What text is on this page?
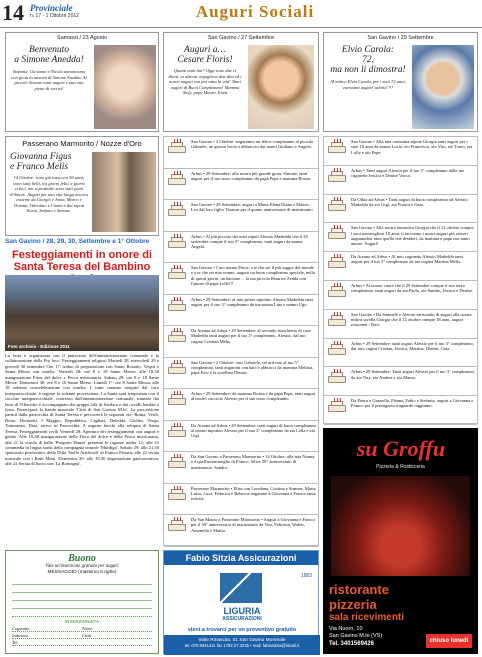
14 Provinciale
n. 17 - 1 Ottobre 2012	Auguri Sociali
Samassi / 23 Agosto
Benvenuto
a Simone Anedda!
Stefania, Giovanni e Nicola annunciano con gioia la nascita di Simone Anedda. Al piccolo Simone tanti auguri e una vita piena di sorrisi!
San Gavino / 27 Settembre
Auguri a…
Cesare Floris!
Quanti anni hai? Oggi sono due ci direti, tu alzerai orgoglioso due dita ed i nostri auguri son per tutta la vita! Tanti auguri di Buon Compleanno! Mamma Stefy, papy Mauro, Enea
San Gavino / 29 Settembre
Elvio Carola:
72,
ma non li dimostra!
Al mitico Elvio Carola, per i suoi 72 anni, carissimi auguri 'atletici'!!!
Passerano Marmorito / Nozze d'Oro
Giovanna Figus
e Franco Melis
14 Ottobre: sono già trascorsi 50 anni; sono stati belli, tra giorni felici e giorni critici, ma soprattutto sono stati pieni d'Amore. Auguri per una vita lunga ancora insieme da Giorgio e Anna, Marco e Viviana, Valentino e Cinzia e dai nipoti Ilaria, Stefano e Simone.
San Gavino / 28, 29, 30, Settembre e 1° Ottobre
Festeggiamenti in onore di Santa Teresa del Bambino
Foto archivio - Edizione 2011
La festa è organizzata con il patrocinio dell'amministrazione comunale e la collaborazione della Pro loco. Festeggiamenti religiosi Martedì 28, mercoledì 29 e giovedì 30 settembre Ore 17: triduo di preparazione con Santo Rosario, Vespri e Santa Messa con omelia. Venerdì 28: ore 8 e 18 Sante Messe; alle 18,30 inaugurazione Fiera del dolce e Pesca missionaria. Sabato 29: ore 8 e 18 Sante Messe. Domenica 30: ore 8 e 10 Sante Messe. Lunedì 1°: ore 8 Santa Messa, alle 18 solenne concelebrazione con omelia. I canti saranno eseguiti dal coro interparrocchiale, a seguire la solenne processione. La Santa sarà trasportata con il cocchio interparrocchiale, concesso dall'amministrazione comunale, trainato dai buoi di Villacidro e accompagnato dai gruppi folk di Sardara e dai cavalli bardati a festa. Parteciperà la banda musicale 'Città di San Gavino M.le'. La processione partirà dalla parrocchia di Santa Teresa e percorrerà le seguenti vie: Roma, Verdi, Boito, Donizetti, I Maggio, Repubblica, Cagliari, Deledda, Giolitti, Verga, Tommaseo, Diaz, arrivo in Parrocchia. A seguire fuochi alla reliquia di Santa Teresa. Festeggiamenti civili Venerdì 28: Apertura dei festeggiamenti con auguri e gelato. Alle 18,30 inaugurazione della Fiera del dolce e della Pesca missionaria, alle 21 la scuola di ballo 'Progetto Danza' presenta le ragazze under 12; alle 22 commedia in lingua sarda della compagnia teatrale 'Murdiga'. Sabato 29: alle 21,30 spettacolo pirotecnico della Ditta 'Stelle Artificiali' di Franco Pirastu; alle 22 serata musicale con i Ratti Metti. Domenica 30: alle 19,30 degustazione gastronomica; alle 22 Serata di liscio con 'La Romagna'.
Buono
Vale un'inserzione gratuita per auguri
MESSAGGIO (massimo 5 righe)
INSERZIONISTA
Cognome	Nome
Indirizzo	Città
Tel.
San Gavino • 2 Ottobre: auguriamo un felice compleanno al piccolo Gabriele, un grosso bacio e abbraccio dai nonni Giuliano e Angela.
Arbus • 29 Settembre: alla nostra più grande gioia, Simone, tanti auguri per il suo terzo compleanno da papà Pepe e mamma Rosita.
San Gavino • 29 Settembre: auguri a Maria Elena Diana e Matteo Leo dal loro figlio Thomas per il quinto anniversario di matrimonio.
Arbus • Al più piccolo dei miei nipoti Alessio Madeddu che il 29 settembre compie il suo 3° compleanno, tanti auguri da nonna Angela.
San Gavino • Caro nonno Pesce, a te che sei il più saggio del mondo e a te che sei mio nonno, auguro un buon compleanno speciale, nella di questi giorni, un bacione… la tua piccola Beatrice Zedda con l'amore di papà Lelle!!!
Arbus • 29 Settembre: al mio primo nipotino Alessio Madeddu tanti auguri per il suo 3° compleanno da tua nonna Lina e nonno Ugo.
Da Arzana ad Arbus • 29 Settembre: al secondo maschietto di casa Madeddu tanti auguri per il tuo 3° compleanno, Alessio, dal tuo cugino Cristian Melis.
San Gavino • 2 Ottobre: caro Gabriele, sei arrivato al tuo 5° compleanno, tanti auguroni con baci e abbracci da mamma Melissa, papà Ezio e la sorellina Denise.
Arbus • 29 Settembre: da mamma Rosita e da papà Pepe, tanti auguri al nostro cucciolo Alessio per il suo terzo compleanno.
Da Arzana ad Arbus • 29 Settembre: tanti auguri di buon compleanno al nostro nipotino Alessio per il suo 3° compleanno da zia Lella e zio Gigi.
Da San Gavino a Passerano Marmorito • 14 Ottobre: alla mia Nonna e a quell'intramuoglio di Franco, felice 50° anniversario di matrimonio, Sandro.
Passerano Marmorito • Elisa con Loredana, Cristina e Simone, Maria Luisa, Luca, Federica e Rebecca augurano a Giovanna e Franco tanta felicità.
Da San Mauro a Passerano Marmorito • Auguri a Giovanna e Franco per il 50° anniversario di matrimonio da Vito, Felicetta, Walter, Antonella e Mattia.
San Gavino • Alla mia carissima nipote Giorgia tanti auguri per i suoi 18 anni da nonna Lucia, zio Francesco, zio Vito, zio Tonio, zia Lolly e zio Pepe.
Arbus • Tanti auguri Alessio per il tuo 3° compleanno dalle tue cuginette Jessica e Denise Vacca.
Da Olbia ad Arbus • Tanti auguri di buon compleanno ad Alessio Madeddu da zio Gigi, zia Franca e Gaia.
San Gavino • Alla nostra fantastica Giorgia che il 12 ottobre compie i suoi meravigliosi 18 anni, ti facciamo i nostri auguri più sinceri augurandoti tutto quello che desideri, da mamma e papà con tanto amore. Auguri!
Da Arzana ad Arbus • Al mio cuginetto Alessio Madeddu tanti auguri per il tuo 3° compleanno da tua cugina Martina Melis.
Arbus • Al nostro cuore che il 29 Settembre compie il suo terzo compleanno, tanti auguri da zia Paola, zio Sandro, Jessica e Denise.
San Gavino • Da Samuele e Alessio un mondo di auguri alla nostra mitica sorella Giorgia che il 12 ottobre compie 18 anni, auguri rossoneri / Baci.
Arbus • 29 Settembre: tanti auguri Alessio per il tuo 3° compleanno, dai tuoi cugini Cristian, Jessica, Martina, Denise, Gaia.
Arbus • 29 Settembre: Tanti auguri Alessio per il tuo 3° compleanno, da zia Tizy, zio Andrea e zio Mauro.
Da Pietro e Graziella, Fleana, Fabio e Stefania, auguri a Giovanna e Franco per il prestigioso traguardo raggiunto.
Fabio Sitzia Assicurazioni
1883
LIGURIA
ASSICURAZIONI
vieni a trovarci per un preventivo gratuito
Viale Rinascita, 51 San Gavino Monreale
tel. 070.9341411 fax 1782.27.3235 • mail: fabiositzia@tiscali.it
su Groffu
Pizzeria & Rosticceria
ristorante
pizzeria
sala ricevimenti
Via Nuoro, 10
San Gavino M.le (VS)
Tel. 3401569426	chiuso lunedì
